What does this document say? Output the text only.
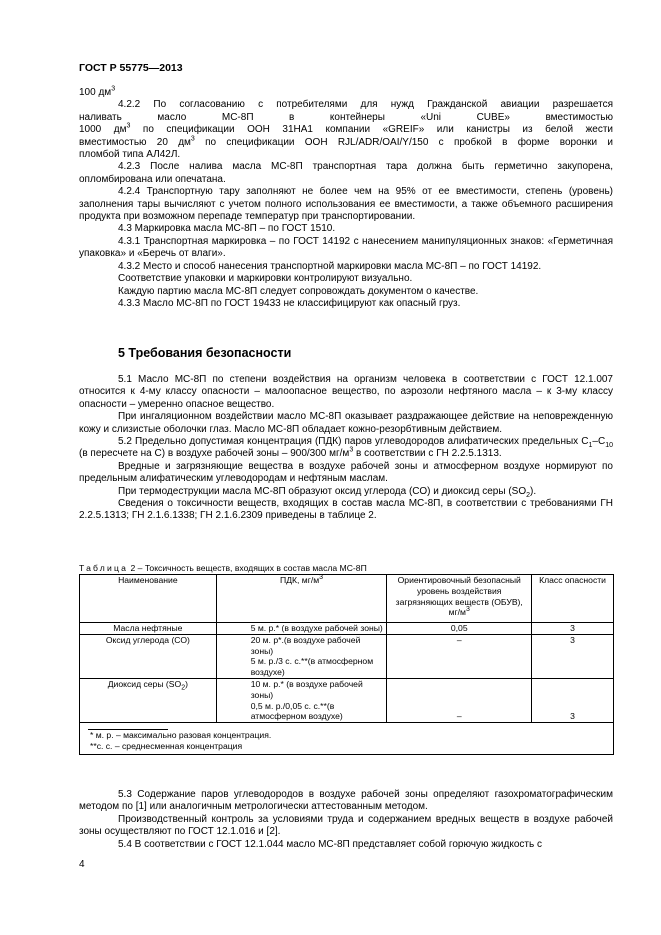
ГОСТ Р 55775—2013

100 $дм^3$

4.2.2 По согласованию с потребителями для нужд Гражданской авиации разрешается

наливать масло МС-8П в контейнеры «Uni CUBE» вместимостью

1000 $дм^3$ по спецификации ООН 31НА1 компании «GREIF» или канистры из белой жести

вместимостью 20 $дм^3$ по спецификации ООН RJL/ADR/OAI/Y/150 с пробкой в форме воронки и

пломбой типа АЛ42Л.

4.2.3 После налива масла МС-8П транспортная тара должна быть герметично закупорена, опломбирована или опечатана.

4.2.4 Транспортную тару заполняют не более чем на 95% от ее вместимости, степень (уровень) заполнения тары вычисляют с учетом полного использования ее вместимости, а также объемного расширения продукта при возможном перепаде температур при транспортировании.

4.3 Маркировка масла МС-8П – по ГОСТ 1510.

4.3.1 Транспортная маркировка – по ГОСТ 14192 с нанесением манипуляционных знаков: «Герметичная упаковка» и «Беречь от влаги».

4.3.2 Место и способ нанесения транспортной маркировки масла МС-8П – по ГОСТ 14192.

Соответствие упаковки и маркировки контролируют визуально.

Каждую партию масла МС-8П следует сопровождать документом о качестве.

4.3.3 Масло МС-8П по ГОСТ 19433 не классифицируют как опасный груз.

5 Требования безопасности

5.1 Масло МС-8П по степени воздействия на организм человека в соответствии с ГОСТ 12.1.007 относится к 4-му классу опасности – малоопасное вещество, по аэрозоли нефтяного масла – к 3-му классу опасности – умеренно опасное вещество.

При ингаляционном воздействии масло МС-8П оказывает раздражающее действие на неповрежденную кожу и слизистые оболочки глаз. Масло МС-8П обладает кожно-резорбтивным действием.

5.2 Предельно допустимая концентрация (ПДК) паров углеводородов алифатических предельных $С_1-С_{10}$ (в пересчете на С) в воздухе рабочей зоны – 900/300 $мг/м^3$ в соответствии с ГН 2.2.5.1313.

Вредные и загрязняющие вещества в воздухе рабочей зоны и атмосферном воздухе нормируют по предельным алифатическим углеводородам и нефтяным маслам.

При термодеструкции масла МС-8П образуют оксид углерода (СО) и диоксид серы $(SO_2)$.

Сведения о токсичности веществ, входящих в состав масла МС-8П, в соответствии с требованиями ГН 2.2.5.1313; ГН 2.1.6.1338; ГН 2.1.6.2309 приведены в таблице 2.

Таблица 2 – Токсичность веществ, входящих в состав масла МС-8П
Наименование	ПДК, $мг/м^3$	Ориентировочный безопасный уровень воздействия загрязняющих веществ (ОБУВ), $мг/м^3$	Класс опасности
Масла нефтяные	5 м. р.* (в воздухе рабочей зоны)	0,05	3
Оксид углерода (СО)	20 м. р*.(в воздухе рабочей зоны)
5 м. р./3 с. с.**(в атмосферном воздухе)	–	3
Диоксид серы $(SO_2)$	10 м. р.* (в воздухе рабочей зоны)
0,5 м. р./0,05 с. с.**(в атмосферном воздухе)	–	3

* м. р. – максимально разовая концентрация.
**с. с. – среднесменная концентрация			

5.3 Содержание паров углеводородов в воздухе рабочей зоны определяют газохроматографическим методом по [1] или аналогичным метрологически аттестованным методом.

Производственный контроль за условиями труда и содержанием вредных веществ в воздухе рабочей зоны осуществляют по ГОСТ 12.1.016 и [2].

5.4 В соответствии с ГОСТ 12.1.044 масло МС-8П представляет собой горючую жидкость с

4
